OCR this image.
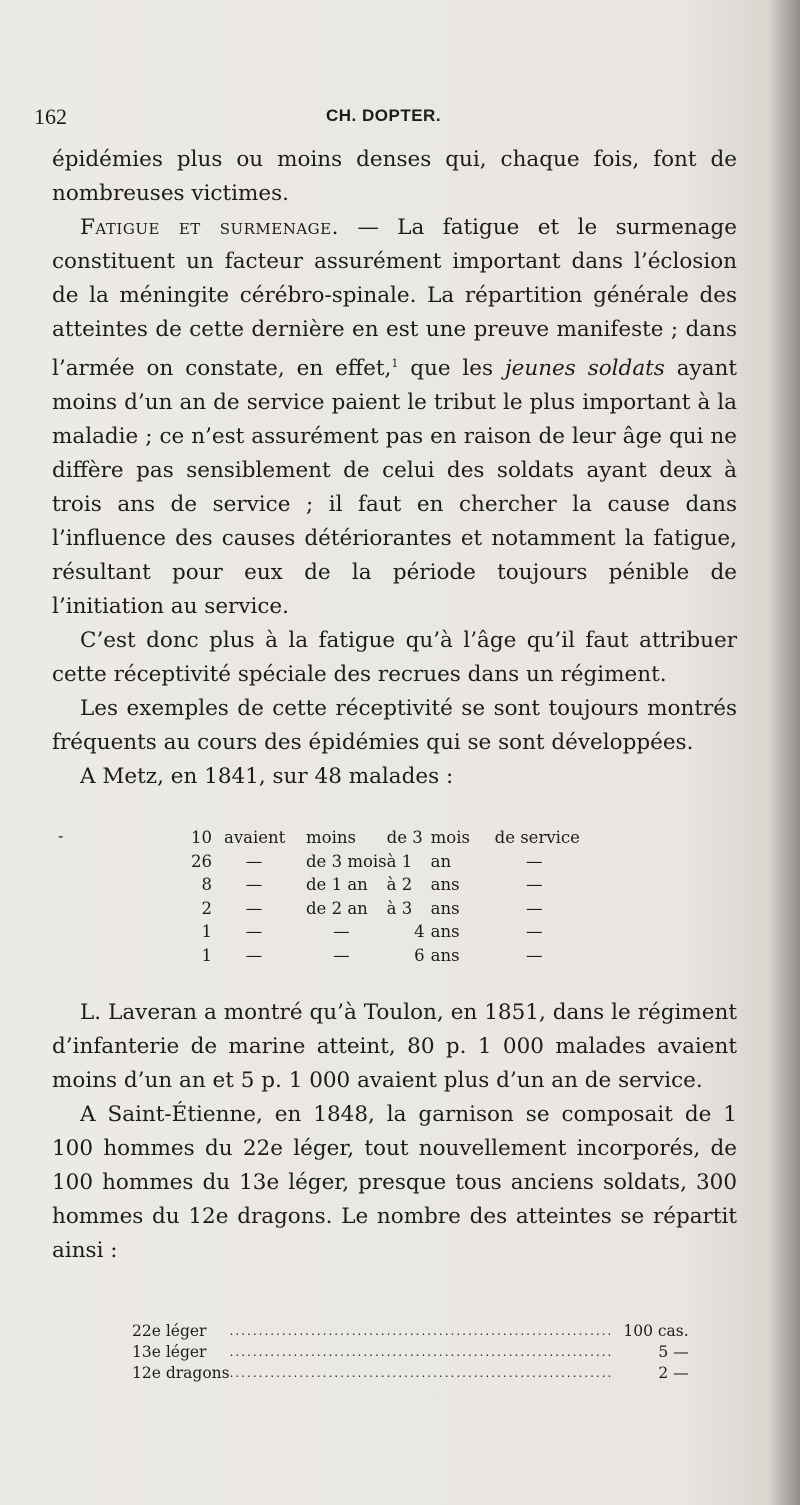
162	CH. DOPTER.

épidémies plus ou moins denses qui, chaque fois, font de nombreuses victimes.

Fatigue et surmenage. — La fatigue et le surmenage constituent un facteur assurément important dans l’éclosion de la méningite cérébro-spinale. La répartition générale des atteintes de cette dernière en est une preuve manifeste ; dans l’armée on constate, en effet,$^1$ que les jeunes soldats ayant moins d’un an de service paient le tribut le plus important à la maladie ; ce n’est assurément pas en raison de leur âge qui ne diffère pas sensiblement de celui des soldats ayant deux à trois ans de service ; il faut en chercher la cause dans l’influence des causes détériorantes et notamment la fatigue, résultant pour eux de la période toujours pénible de l’initiation au service.

C’est donc plus à la fatigue qu’à l’âge qu’il faut attribuer cette réceptivité spéciale des recrues dans un régiment.

Les exemples de cette réceptivité se sont toujours montrés fréquents au cours des épidémies qui se sont développées.

A Metz, en 1841, sur 48 malades :

-	10	avaient	moins	de 3	mois	de service
26	—	de 3 mois	à 1	an	—
8	—	de 1 an	à 2	ans	—
2	—	de 2 an	à 3	ans	—
1	—	—	4	ans	—
1	—	—	6	ans	—

L. Laveran a montré qu’à Toulon, en 1851, dans le régiment d’infanterie de marine atteint, 80 p. 1 000 malades avaient moins d’un an et 5 p. 1 000 avaient plus d’un an de service.

A Saint-Étienne, en 1848, la garnison se composait de 1 100 hommes du 22e léger, tout nouvellement incorporés, de 100 hommes du 13e léger, presque tous anciens soldats, 300 hommes du 12e dragons. Le nombre des atteintes se répartit ainsi :

22e léger	..................................................................	100 cas.
13e léger	..................................................................	5 —
12e dragons	..................................................................	2 —
